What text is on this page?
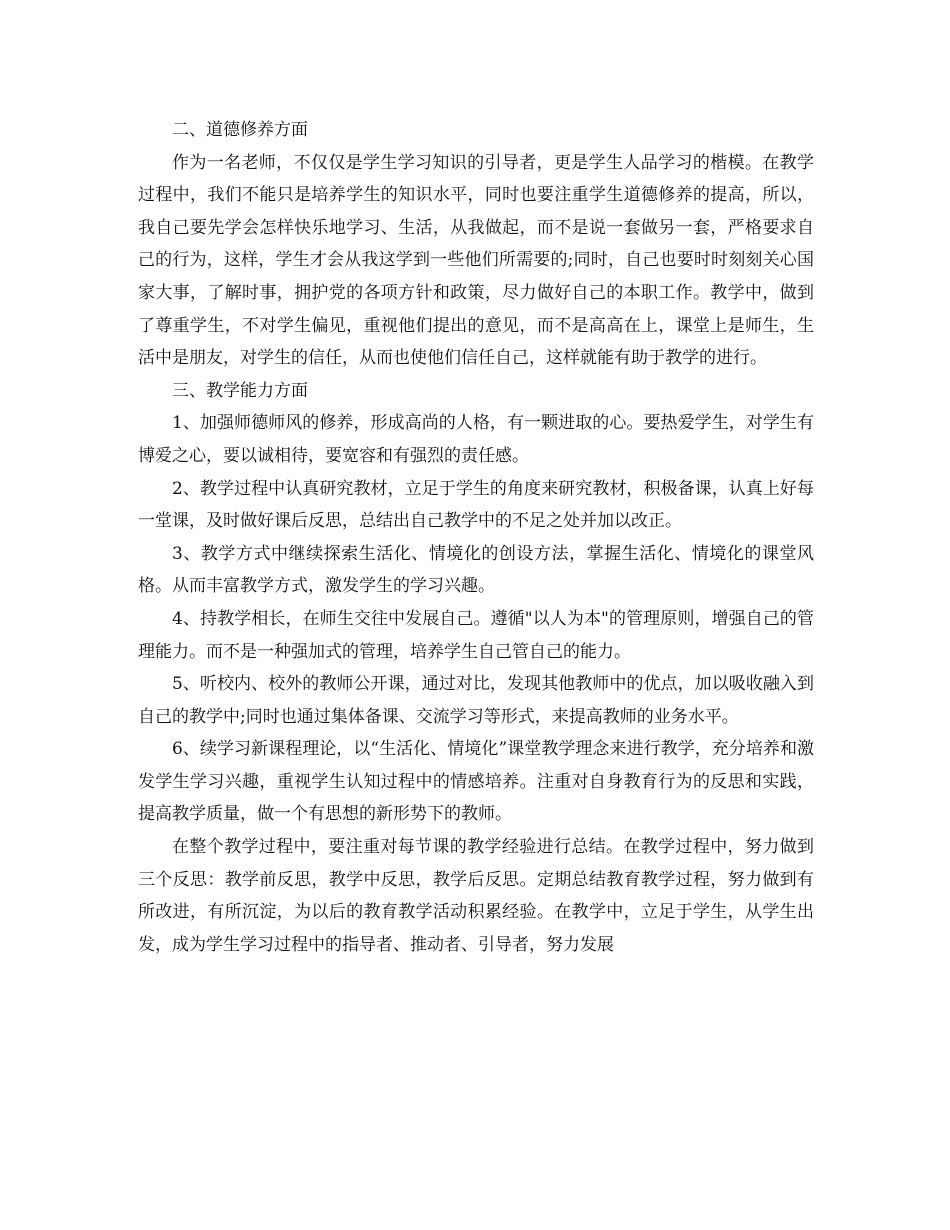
二、道德修养方面

作为一名老师，不仅仅是学生学习知识的引导者，更是学生人品学习的楷模。在教学过程中，我们不能只是培养学生的知识水平，同时也要注重学生道德修养的提高，所以，我自己要先学会怎样快乐地学习、生活，从我做起，而不是说一套做另一套，严格要求自己的行为，这样，学生才会从我这学到一些他们所需要的;同时，自己也要时时刻刻关心国家大事，了解时事，拥护党的各项方针和政策，尽力做好自己的本职工作。教学中，做到了尊重学生，不对学生偏见，重视他们提出的意见，而不是高高在上，课堂上是师生，生活中是朋友，对学生的信任，从而也使他们信任自己，这样就能有助于教学的进行。

三、教学能力方面

1、加强师德师风的修养，形成高尚的人格，有一颗进取的心。要热爱学生，对学生有博爱之心，要以诚相待，要宽容和有强烈的责任感。

2、教学过程中认真研究教材，立足于学生的角度来研究教材，积极备课，认真上好每一堂课，及时做好课后反思，总结出自己教学中的不足之处并加以改正。

3、教学方式中继续探索生活化、情境化的创设方法，掌握生活化、情境化的课堂风格。从而丰富教学方式，激发学生的学习兴趣。

4、持教学相长，在师生交往中发展自己。遵循"以人为本"的管理原则，增强自己的管理能力。而不是一种强加式的管理，培养学生自己管自己的能力。

5、听校内、校外的教师公开课，通过对比，发现其他教师中的优点，加以吸收融入到自己的教学中;同时也通过集体备课、交流学习等形式，来提高教师的业务水平。

6、续学习新课程理论，以“生活化、情境化”课堂教学理念来进行教学，充分培养和激发学生学习兴趣，重视学生认知过程中的情感培养。注重对自身教育行为的反思和实践，提高教学质量，做一个有思想的新形势下的教师。

在整个教学过程中，要注重对每节课的教学经验进行总结。在教学过程中，努力做到三个反思：教学前反思，教学中反思，教学后反思。定期总结教育教学过程，努力做到有所改进，有所沉淀，为以后的教育教学活动积累经验。在教学中，立足于学生，从学生出发，成为学生学习过程中的指导者、推动者、引导者，努力发展
